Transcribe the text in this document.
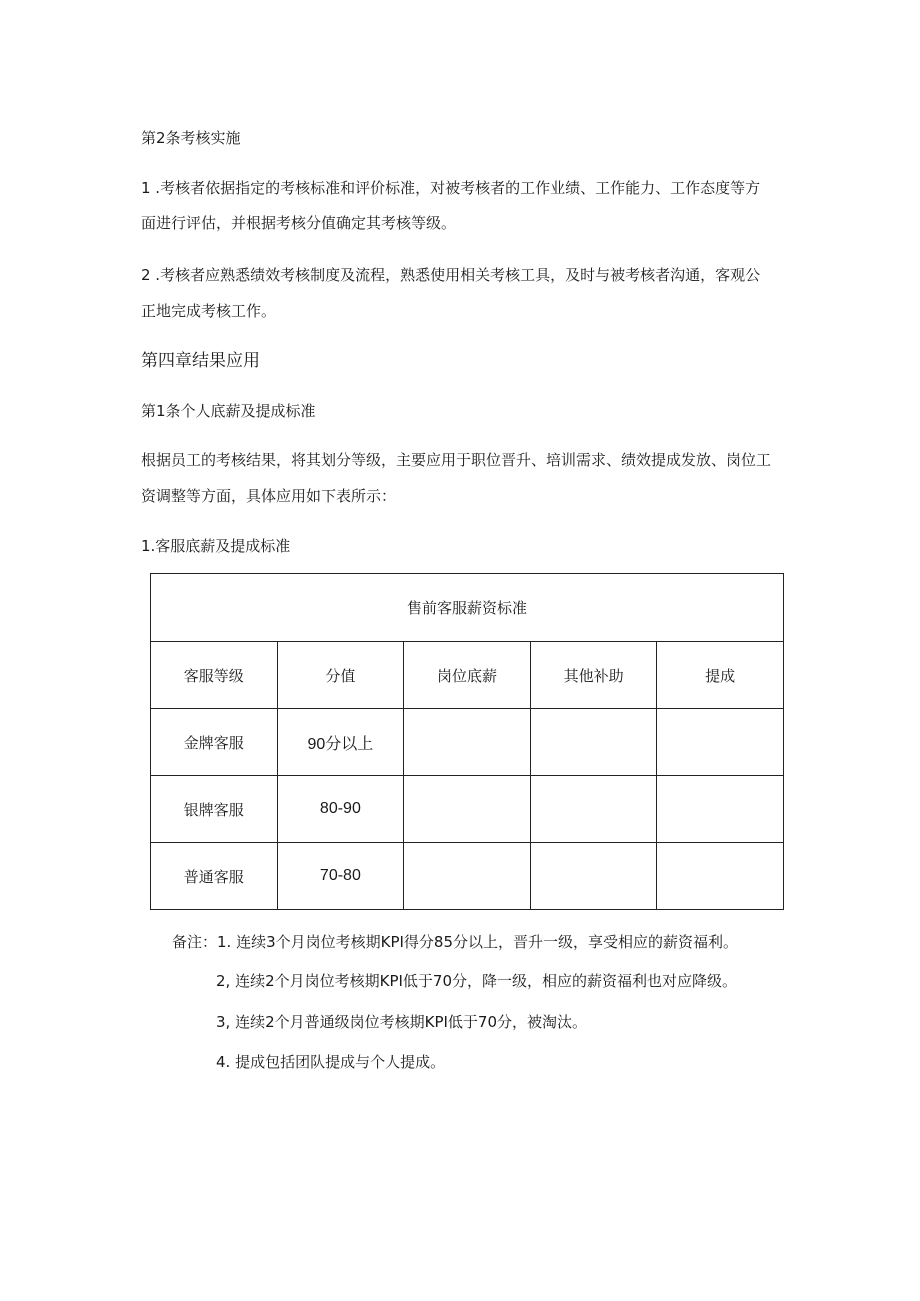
第2条考核实施
1 .考核者依据指定的考核标准和评价标准，对被考核者的工作业绩、工作能力、工作态度等方
面进行评估，并根据考核分值确定其考核等级。
2 .考核者应熟悉绩效考核制度及流程，熟悉使用相关考核工具，及时与被考核者沟通，客观公
正地完成考核工作。
第四章结果应用
第1条个人底薪及提成标准
根据员工的考核结果，将其划分等级，主要应用于职位晋升、培训需求、绩效提成发放、岗位工
资调整等方面，具体应用如下表所示：
1.客服底薪及提成标准
售前客服薪资标准				
客服等级	分值	岗位底薪	其他补助	提成
金牌客服	90分以上			
银牌客服	80-90			
普通客服	70-80			
备注：1. 连续3个月岗位考核期KPI得分85分以上，晋升一级，享受相应的薪资福利。
2, 连续2个月岗位考核期KPI低于70分，降一级，相应的薪资福利也对应降级。
3, 连续2个月普通级岗位考核期KPI低于70分，被淘汰。
4. 提成包括团队提成与个人提成。
